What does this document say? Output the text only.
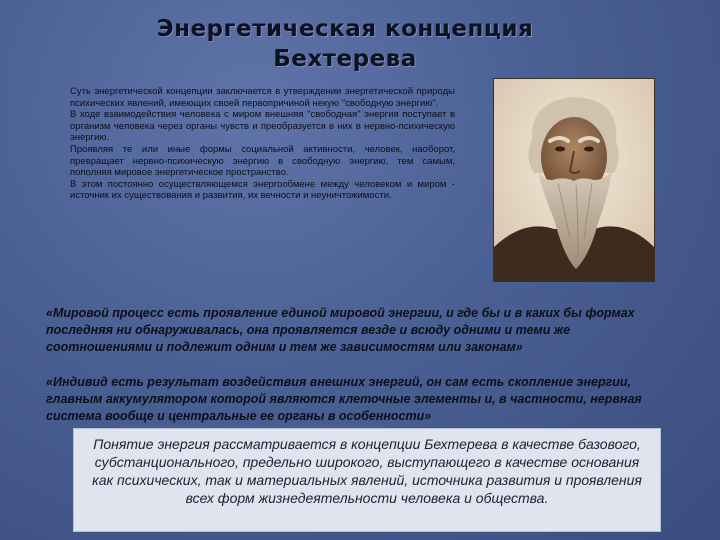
Энергетическая концепция
Бехтерева

Суть энергетической концепции заключается в утверждении энергетической природы психических явлений, имеющих своей первопричиной некую "свободную энергию".

В ходе взаимодействия человека с миром внешняя "свободная" энергия поступает в организм человека через органы чувств и преобразуется в них в нервно-психическую энергию.

Проявляя те или иные формы социальной активности, человек, наоборот, превращает нервно-психическую энергию в свободную энергию, тем самым, пополняя мировое энергетическое пространство.

В этом постоянно осуществляющемся энергообмене между человеком и миром - источник их существования и развития, их вечности и неуничтожимости.

«Мировой процесс есть проявление единой мировой энергии, и где бы и в каких бы формах последняя ни обнаруживалась, она проявляется везде и всюду одними и теми же соотношениями и подлежит одним и тем же зависимостям или законам»
«Индивид есть результат воздействия внешних энергий, он сам есть скопление энергии, главным аккумулятором которой являются клеточные элементы и, в частности, нервная система вообще и центральные ее органы в особенности»
Понятие энергия рассматривается в концепции Бехтерева в качестве базового, субстанционального, предельно широкого, выступающего в качестве основания как психических, так и материальных явлений, источника развития и проявления всех форм жизнедеятельности человека и общества.
